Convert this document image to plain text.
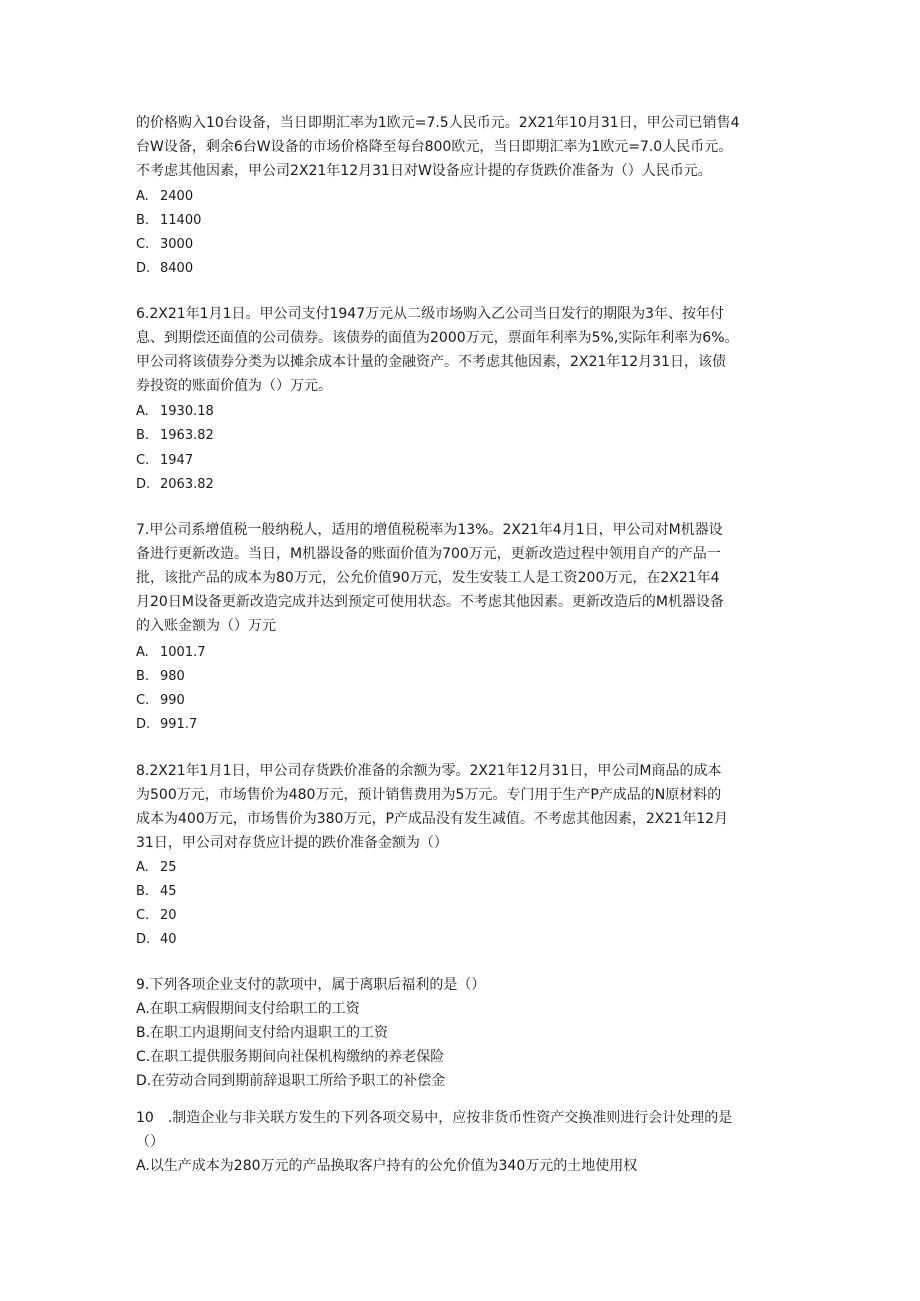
的价格购入10台设备，当日即期汇率为1欧元=7.5人民币元。2X21年10月31日，甲公司已销售4

台W设备，剩余6台W设备的市场价格降至每台800欧元，当日即期汇率为1欧元=7.0人民币元。

不考虑其他因素，甲公司2X21年12月31日对W设备应计提的存货跌价准备为（）人民币元。

A. 2400
B. 11400
C. 3000
D. 8400

6.2X21年1月1日。甲公司支付1947万元从二级市场购入乙公司当日发行的期限为3年、按年付

息、到期偿还面值的公司债券。该债券的面值为2000万元，票面年利率为5%,实际年利率为6%。

甲公司将该债券分类为以摊余成本计量的金融资产。不考虑其他因素，2X21年12月31日，该债

券投资的账面价值为（）万元。

A. 1930.18
B. 1963.82
C. 1947
D. 2063.82

7.甲公司系增值税一般纳税人，适用的增值税税率为13%。2X21年4月1日，甲公司对M机器设

备进行更新改造。当日，M机器设备的账面价值为700万元，更新改造过程中领用自产的产品一

批，该批产品的成本为80万元，公允价值90万元，发生安装工人是工资200万元，在2X21年4

月20日M设备更新改造完成并达到预定可使用状态。不考虑其他因素。更新改造后的M机器设备

的入账金额为（）万元

A. 1001.7
B. 980
C. 990
D. 991.7

8.2X21年1月1日，甲公司存货跌价准备的余额为零。2X21年12月31日，甲公司M商品的成本

为500万元，市场售价为480万元，预计销售费用为5万元。专门用于生产P产成品的N原材料的

成本为400万元，市场售价为380万元，P产成品没有发生减值。不考虑其他因素，2X21年12月

31日，甲公司对存货应计提的跌价准备金额为（）

A. 25
B. 45
C. 20
D. 40

9.下列各项企业支付的款项中，属于离职后福利的是（）

A.在职工病假期间支付给职工的工资
B.在职工内退期间支付给内退职工的工资
C.在职工提供服务期间向社保机构缴纳的养老保险
D.在劳动合同到期前辞退职工所给予职工的补偿金

10　.制造企业与非关联方发生的下列各项交易中，应按非货币性资产交换准则进行会计处理的是

（）

A.以生产成本为280万元的产品换取客户持有的公允价值为340万元的土地使用权
